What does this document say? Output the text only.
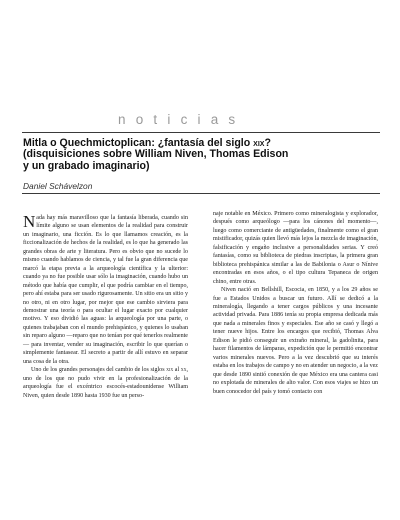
noticias
Mitla o Quechmictoplican: ¿fantasía del siglo xix?
(disquisiciones sobre William Niven, Thomas Edison
y un grabado imaginario)
Daniel Schávelzon

Nada hay más maravilloso que la fantasía liberada, cuando sin límite alguno se usan elementos de la realidad para construir un imaginario, una ficción. Es lo que llamamos creación, es la ficcionalización de hechos de la realidad, es lo que ha generado las grandes obras de arte y literatura. Pero es obvio que no sucede lo mismo cuando hablamos de ciencia, y tal fue la gran diferencia que marcó la etapa previa a la arqueología científica y la ulterior: cuando ya no fue posible usar sólo la imaginación, cuando hubo un método que había que cumplir, el que podría cambiar en el tiempo, pero ahí estaba para ser usado rigurosamente. Un sitio era un sitio y no otro, ni en otro lugar, por mejor que ese cambio sirviera para demostrar una teoría o para ocultar el lugar exacto por cualquier motivo. Y eso dividió las aguas: la arqueología por una parte, o quienes trabajaban con el mundo prehispánico, y quienes lo usaban sin reparo alguno —reparo que no tenían por qué tenerlos realmente— para inventar, vender su imaginación, escribir lo que querían o simplemente fantasear. El secreto a partir de allí estuvo en separar una cosa de la otra.

Uno de los grandes personajes del cambio de los siglos xix al xx, uno de los que no pudo vivir en la profesionalización de la arqueología fue el excéntrico escocés-estadounidense William Niven, quien desde 1890 hasta 1930 fue un perso-

naje notable en México. Primero como mineralogista y explorador, después como arqueólogo —para los cánones del momento—, luego como comerciante de antigüedades, finalmente como el gran mistificador, quizás quien llevó más lejos la mezcla de imaginación, falsificación y engaño inclusive a personalidades serias. Y creó fantasías, como su biblioteca de piedras inscriptas, la primera gran biblioteca prehispánica similar a las de Babilonia o Asur o Nínive encontradas en esos años, o el tipo cultura Tepaneca de origen chino, entre otras.

Niven nació en Bellshill, Escocia, en 1850, y a los 29 años se fue a Estados Unidos a buscar un futuro. Allí se dedicó a la mineralogía, llegando a tener cargos públicos y una incesante actividad privada. Para 1886 tenía su propia empresa dedicada más que nada a minerales finos y especiales. Ese año se casó y llegó a tener nueve hijos. Entre los encargos que recibió, Thomas Alva Edison le pidió conseguir un extraño mineral, la gadolinita, para hacer filamentos de lámparas, expedición que le permitió encontrar varios minerales nuevos. Pero a la vez descubrió que su interés estaba en los trabajos de campo y no en atender un negocio, a la vez que desde 1890 sintió conexión de que México era una cantera casi no explotada de minerales de alto valor. Con esos viajes se hizo un buen conocedor del país y tomó contacto con
